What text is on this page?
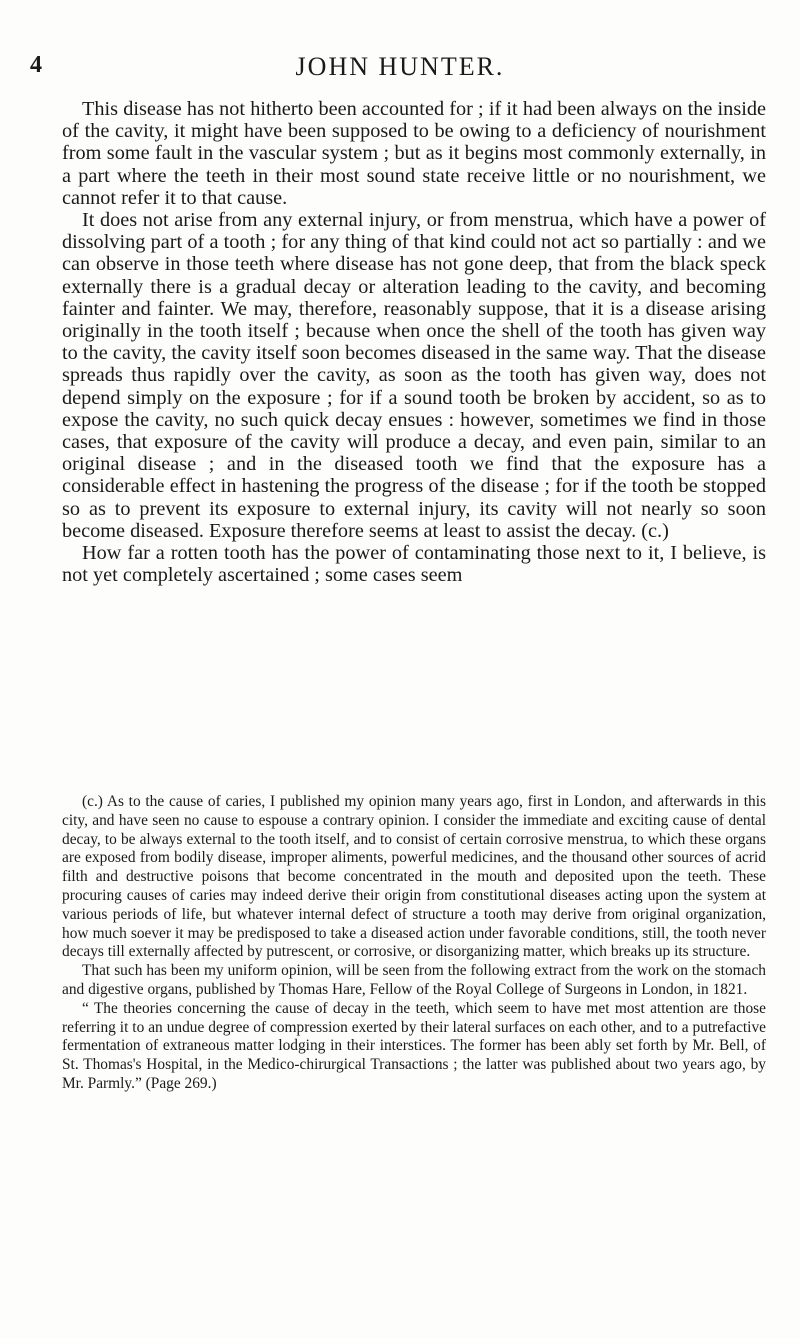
4	JOHN HUNTER.

This disease has not hitherto been accounted for ; if it had been always on the inside of the cavity, it might have been supposed to be owing to a deficiency of nourishment from some fault in the vascular system ; but as it begins most commonly externally, in a part where the teeth in their most sound state receive little or no nourishment, we cannot refer it to that cause.

It does not arise from any external injury, or from menstrua, which have a power of dissolving part of a tooth ; for any thing of that kind could not act so partially : and we can observe in those teeth where disease has not gone deep, that from the black speck externally there is a gradual decay or alteration leading to the cavity, and becoming fainter and fainter. We may, therefore, reasonably suppose, that it is a disease arising originally in the tooth itself ; because when once the shell of the tooth has given way to the cavity, the cavity itself soon becomes diseased in the same way. That the disease spreads thus rapidly over the cavity, as soon as the tooth has given way, does not depend simply on the exposure ; for if a sound tooth be broken by accident, so as to expose the cavity, no such quick decay ensues : however, sometimes we find in those cases, that exposure of the cavity will produce a decay, and even pain, similar to an original disease ; and in the diseased tooth we find that the exposure has a considerable effect in hastening the progress of the disease ; for if the tooth be stopped so as to prevent its exposure to external injury, its cavity will not nearly so soon become diseased. Exposure therefore seems at least to assist the decay. (c.)

How far a rotten tooth has the power of contaminating those next to it, I believe, is not yet completely ascertained ; some cases seem

(c.) As to the cause of caries, I published my opinion many years ago, first in London, and afterwards in this city, and have seen no cause to espouse a contrary opinion. I consider the immediate and exciting cause of dental decay, to be always external to the tooth itself, and to consist of certain corrosive menstrua, to which these organs are exposed from bodily disease, improper aliments, powerful medicines, and the thousand other sources of acrid filth and destructive poisons that become concentrated in the mouth and deposited upon the teeth. These procuring causes of caries may indeed derive their origin from constitutional diseases acting upon the system at various periods of life, but whatever internal defect of structure a tooth may derive from original organization, how much soever it may be predisposed to take a diseased action under favorable conditions, still, the tooth never decays till externally affected by putrescent, or corrosive, or disorganizing matter, which breaks up its structure.

That such has been my uniform opinion, will be seen from the following extract from the work on the stomach and digestive organs, published by Thomas Hare, Fellow of the Royal College of Surgeons in London, in 1821.

“ The theories concerning the cause of decay in the teeth, which seem to have met most attention are those referring it to an undue degree of compression exerted by their lateral surfaces on each other, and to a putrefactive fermentation of extraneous matter lodging in their interstices. The former has been ably set forth by Mr. Bell, of St. Thomas's Hospital, in the Medico-chirurgical Transactions ; the latter was published about two years ago, by Mr. Parmly.” (Page 269.)
